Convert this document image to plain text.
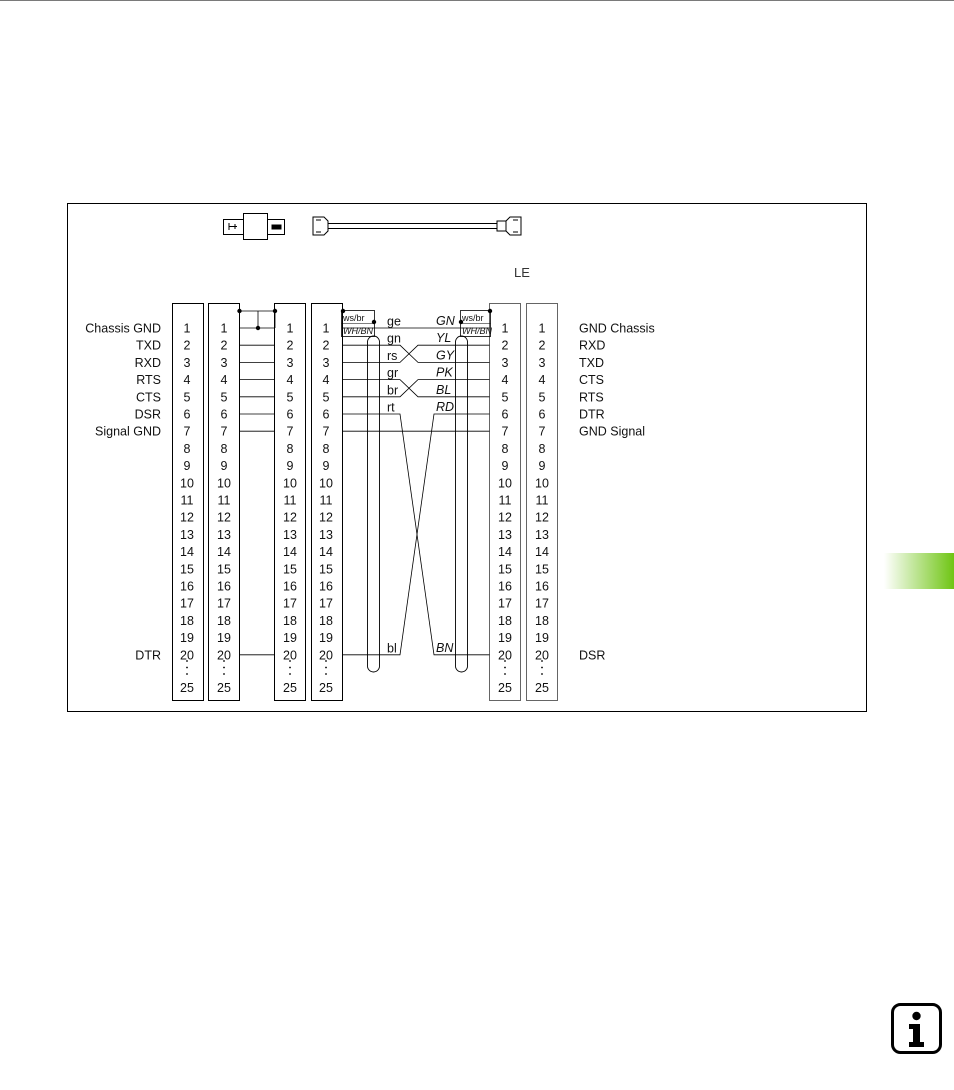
LE
1
2
3
4
5
6
7
8
9
10
11
12
13
14
15
16
17
18
19
20
25
1
2
3
4
5
6
7
8
9
10
11
12
13
14
15
16
17
18
19
20
25
1
2
3
4
5
6
7
8
9
10
11
12
13
14
15
16
17
18
19
20
25
1
2
3
4
5
6
7
8
9
10
11
12
13
14
15
16
17
18
19
20
25
1
2
3
4
5
6
7
8
9
10
11
12
13
14
15
16
17
18
19
20
25
1
2
3
4
5
6
7
8
9
10
11
12
13
14
15
16
17
18
19
20
25
Chassis GND
TXD
RXD
RTS
CTS
DSR
Signal GND
DTR
GND Chassis
RXD
TXD
CTS
RTS
DTR
GND Signal
DSR
ws/br
WH/BN
ws/br
WH/BN
ge
gn
rs
gr
br
rt
bl
GN
YL
GY
PK
BL
RD
BN
